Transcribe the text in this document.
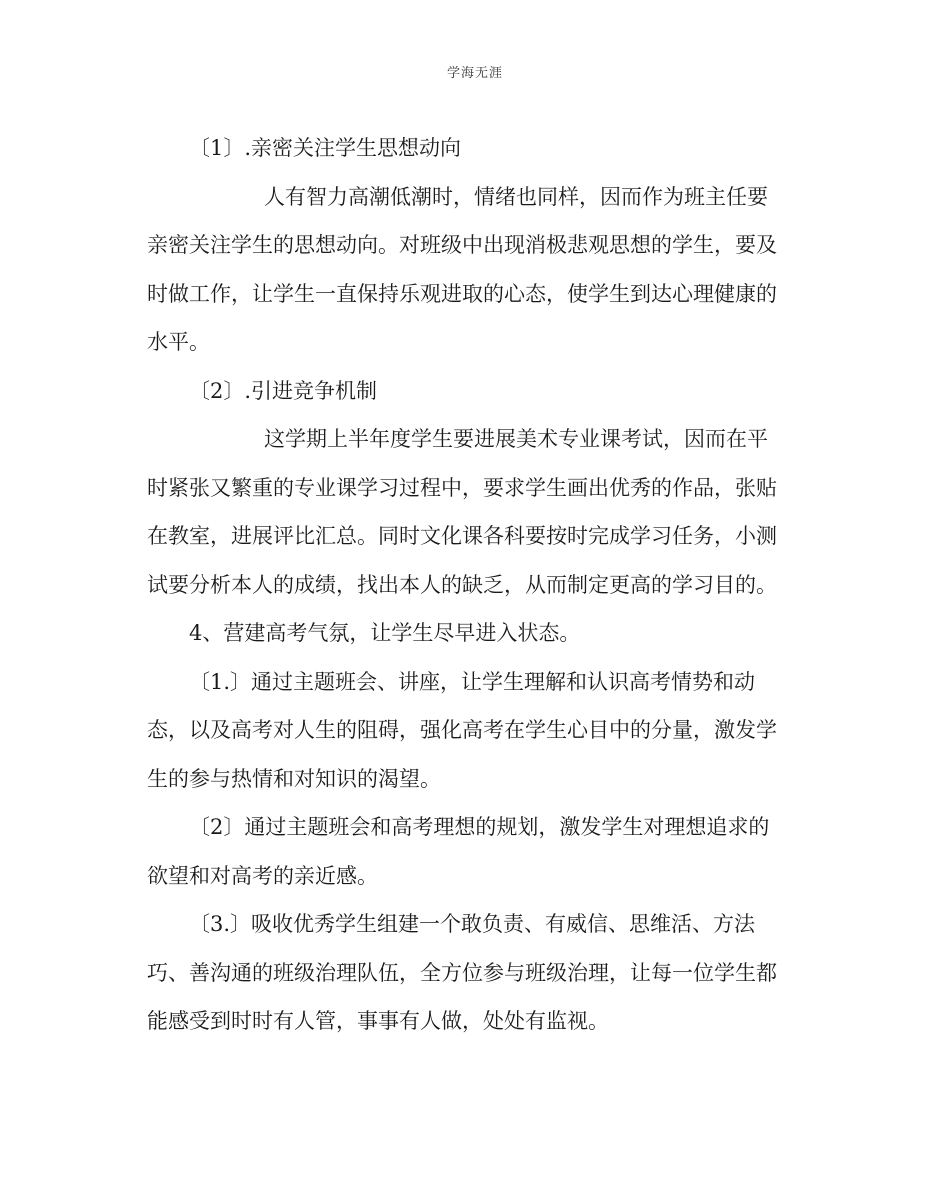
学海无涯
〔1〕.亲密关注学生思想动向
人有智力高潮低潮时，情绪也同样，因而作为班主任要
亲密关注学生的思想动向。对班级中出现消极悲观思想的学生，要及
时做工作，让学生一直保持乐观进取的心态，使学生到达心理健康的
水平。
〔2〕.引进竞争机制
这学期上半年度学生要进展美术专业课考试，因而在平
时紧张又繁重的专业课学习过程中，要求学生画出优秀的作品，张贴
在教室，进展评比汇总。同时文化课各科要按时完成学习任务，小测
试要分析本人的成绩，找出本人的缺乏，从而制定更高的学习目的。
4、营建高考气氛，让学生尽早进入状态。
〔1.〕通过主题班会、讲座，让学生理解和认识高考情势和动
态，以及高考对人生的阻碍，强化高考在学生心目中的分量，激发学
生的参与热情和对知识的渴望。
〔2〕通过主题班会和高考理想的规划，激发学生对理想追求的
欲望和对高考的亲近感。
〔3.〕吸收优秀学生组建一个敢负责、有威信、思维活、方法
巧、善沟通的班级治理队伍，全方位参与班级治理，让每一位学生都
能感受到时时有人管，事事有人做，处处有监视。
